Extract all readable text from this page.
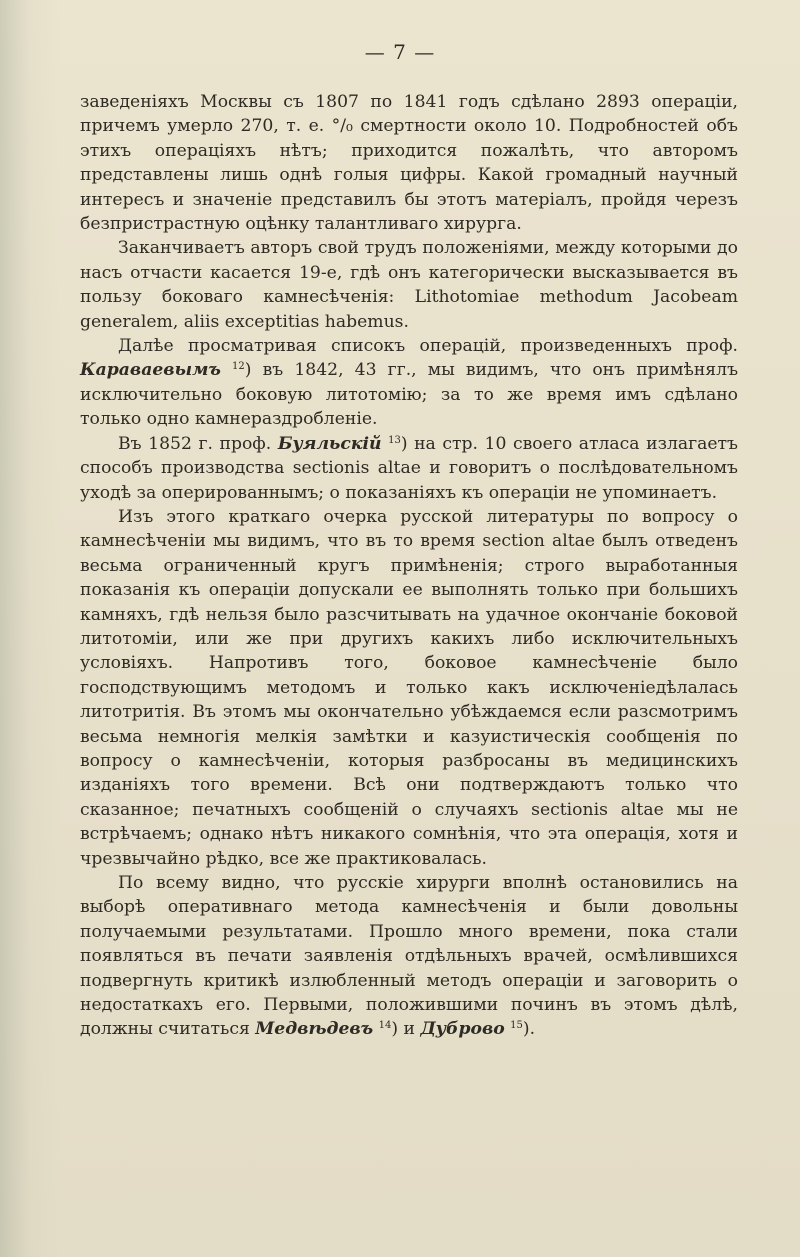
— 7 —

заведеніяхъ Москвы съ 1807 по 1841 годъ сдѣлано 2893 операціи, причемъ умерло 270, т. е. °/₀ смертности около 10. Подробностей объ этихъ операціяхъ нѣтъ; приходится пожалѣть, что авторомъ представлены лишь однѣ голыя цифры. Какой громадный научный интересъ и значеніе представилъ бы этотъ матеріалъ, пройдя черезъ безпристрастную оцѣнку талантливаго хирурга.

Заканчиваетъ авторъ свой трудъ положеніями, между которыми до насъ отчасти касается 19-е, гдѣ онъ категорически высказывается въ пользу боковаго камнесѣченія: Lithotomiae methodum Jacobeam generalem, aliis exceptitias habemus.

Далѣе просматривая списокъ операцій, произведенныхъ проф. Караваевымъ $^{12}$) въ 1842, 43 гг., мы видимъ, что онъ примѣнялъ исключительно боковую литотомію; за то же время имъ сдѣлано только одно камнераздробленіе.

Въ 1852 г. проф. Буяльскій $^{13}$) на стр. 10 своего атласа излагаетъ способъ производства sectionis altae и говоритъ о послѣдовательномъ уходѣ за оперированнымъ; о показаніяхъ къ операціи не упоминаетъ.

Изъ этого краткаго очерка русской литературы по вопросу о камнесѣченіи мы видимъ, что въ то время section altae былъ отведенъ весьма ограниченный кругъ примѣненія; строго выработанныя показанія къ операціи допускали ее выполнять только при большихъ камняхъ, гдѣ нельзя было разсчитывать на удачное окончаніе боковой литотоміи, или же при другихъ какихъ либо исключительныхъ условіяхъ. Напротивъ того, боковое камнесѣченіе было господствующимъ методомъ и только какъ исключеніедѣлалась литотритія. Въ этомъ мы окончательно убѣждаемся если разсмотримъ весьма немногія мелкія замѣтки и казуистическія сообщенія по вопросу о камнесѣченіи, которыя разбросаны въ медицинскихъ изданіяхъ того времени. Всѣ они подтверждаютъ только что сказанное; печатныхъ сообщеній о случаяхъ sectionis altae мы не встрѣчаемъ; однако нѣтъ никакого сомнѣнія, что эта операція, хотя и чрезвычайно рѣдко, все же практиковалась.

По всему видно, что русскіе хирурги вполнѣ остановились на выборѣ оперативнаго метода камнесѣченія и были довольны получаемыми результатами. Прошло много времени, пока стали появляться въ печати заявленія отдѣльныхъ врачей, осмѣлившихся подвергнуть критикѣ излюбленный методъ операціи и заговорить о недостаткахъ его. Первыми, положившими починъ въ этомъ дѣлѣ, должны считаться Медвѣдевъ $^{14}$) и Дуброво $^{15}$).
